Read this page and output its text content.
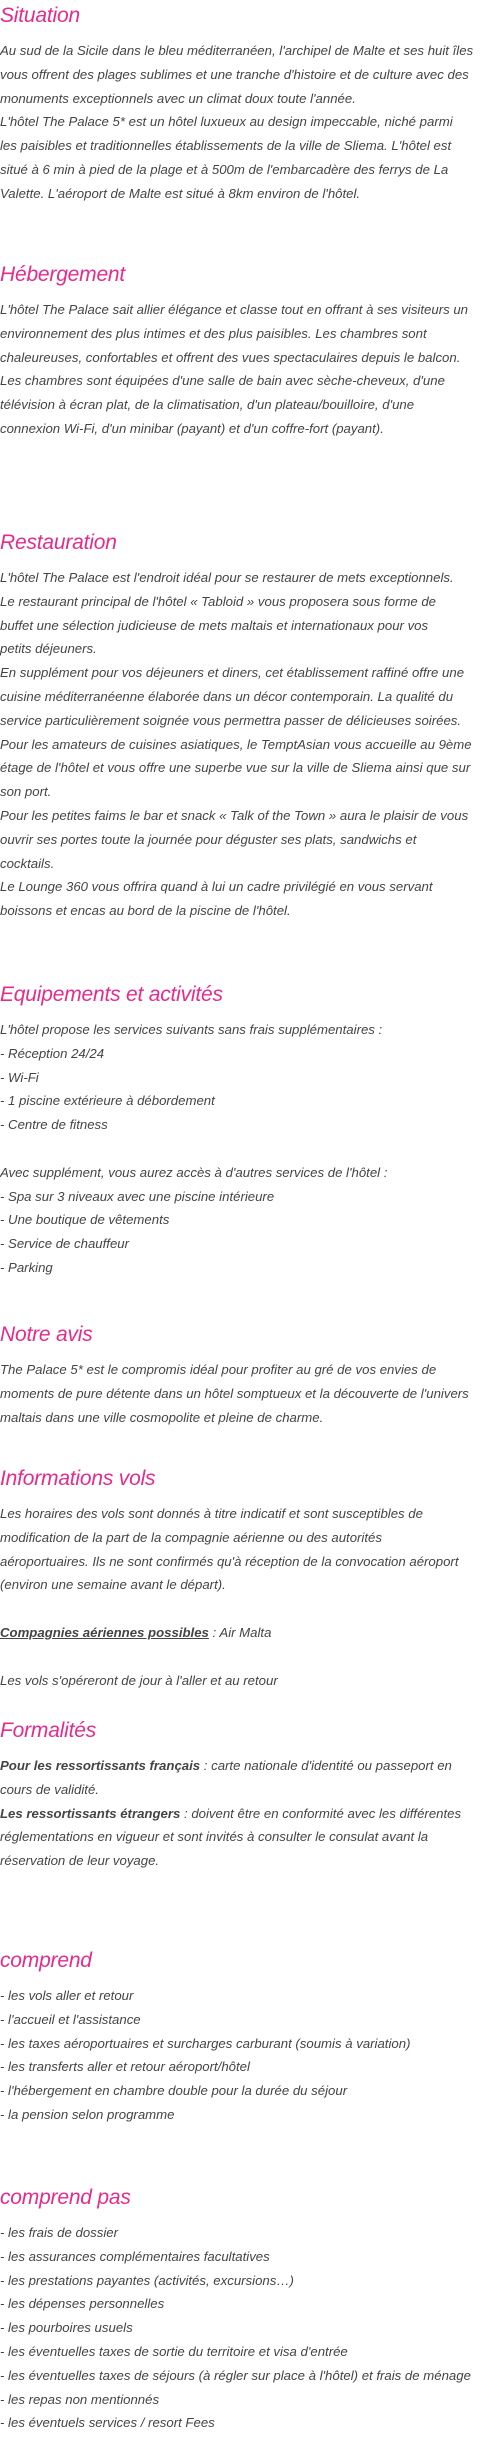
Situation
Au sud de la Sicile dans le bleu méditerranéen, l'archipel de Malte et ses huit îles
vous offrent des plages sublimes et une tranche d'histoire et de culture avec des
monuments exceptionnels avec un climat doux toute l'année.
L'hôtel The Palace 5* est un hôtel luxueux au design impeccable, niché parmi
les paisibles et traditionnelles établissements de la ville de Sliema. L'hôtel est
situé à 6 min à pied de la plage et à 500m de l'embarcadère des ferrys de La
Valette. L'aéroport de Malte est situé à 8km environ de l'hôtel.
Hébergement
L'hôtel The Palace sait allier élégance et classe tout en offrant à ses visiteurs un
environnement des plus intimes et des plus paisibles. Les chambres sont
chaleureuses, confortables et offrent des vues spectaculaires depuis le balcon.
Les chambres sont équipées d'une salle de bain avec sèche-cheveux, d'une
télévision à écran plat, de la climatisation, d'un plateau/bouilloire, d'une
connexion Wi-Fi, d'un minibar (payant) et d'un coffre-fort (payant).
Restauration
L'hôtel The Palace est l'endroit idéal pour se restaurer de mets exceptionnels.
Le restaurant principal de l'hôtel « Tabloid » vous proposera sous forme de
buffet une sélection judicieuse de mets maltais et internationaux pour vos
petits déjeuners.
En supplément pour vos déjeuners et diners, cet établissement raffiné offre une
cuisine méditerranéenne élaborée dans un décor contemporain. La qualité du
service particulièrement soignée vous permettra passer de délicieuses soirées.
Pour les amateurs de cuisines asiatiques, le TemptAsian vous accueille au 9ème
étage de l'hôtel et vous offre une superbe vue sur la ville de Sliema ainsi que sur
son port.
Pour les petites faims le bar et snack « Talk of the Town » aura le plaisir de vous
ouvrir ses portes toute la journée pour déguster ses plats, sandwichs et
cocktails.
Le Lounge 360 vous offrira quand à lui un cadre privilégié en vous servant
boissons et encas au bord de la piscine de l'hôtel.
Equipements et activités
L'hôtel propose les services suivants sans frais supplémentaires :
- Réception 24/24
- Wi-Fi
- 1 piscine extérieure à débordement
- Centre de fitness
Avec supplément, vous aurez accès à d'autres services de l'hôtel :
- Spa sur 3 niveaux avec une piscine intérieure
- Une boutique de vêtements
- Service de chauffeur
- Parking
Notre avis
The Palace 5* est le compromis idéal pour profiter au gré de vos envies de
moments de pure détente dans un hôtel somptueux et la découverte de l'univers
maltais dans une ville cosmopolite et pleine de charme.
Informations vols
Les horaires des vols sont donnés à titre indicatif et sont susceptibles de
modification de la part de la compagnie aérienne ou des autorités
aéroportuaires. Ils ne sont confirmés qu'à réception de la convocation aéroport
(environ une semaine avant le départ).
Compagnies aériennes possibles : Air Malta
Les vols s'opéreront de jour à l'aller et au retour
Formalités
Pour les ressortissants français : carte nationale d'identité ou passeport en
cours de validité.
Les ressortissants étrangers : doivent être en conformité avec les différentes
réglementations en vigueur et sont invités à consulter le consulat avant la
réservation de leur voyage.
comprend
- les vols aller et retour
- l'accueil et l'assistance
- les taxes aéroportuaires et surcharges carburant (soumis à variation)
- les transferts aller et retour aéroport/hôtel
- l'hébergement en chambre double pour la durée du séjour
- la pension selon programme
comprend pas
- les frais de dossier
- les assurances complémentaires facultatives
- les prestations payantes (activités, excursions…)
- les dépenses personnelles
- les pourboires usuels
- les éventuelles taxes de sortie du territoire et visa d'entrée
- les éventuelles taxes de séjours (à régler sur place à l'hôtel) et frais de ménage
- les repas non mentionnés
- les éventuels services / resort Fees
